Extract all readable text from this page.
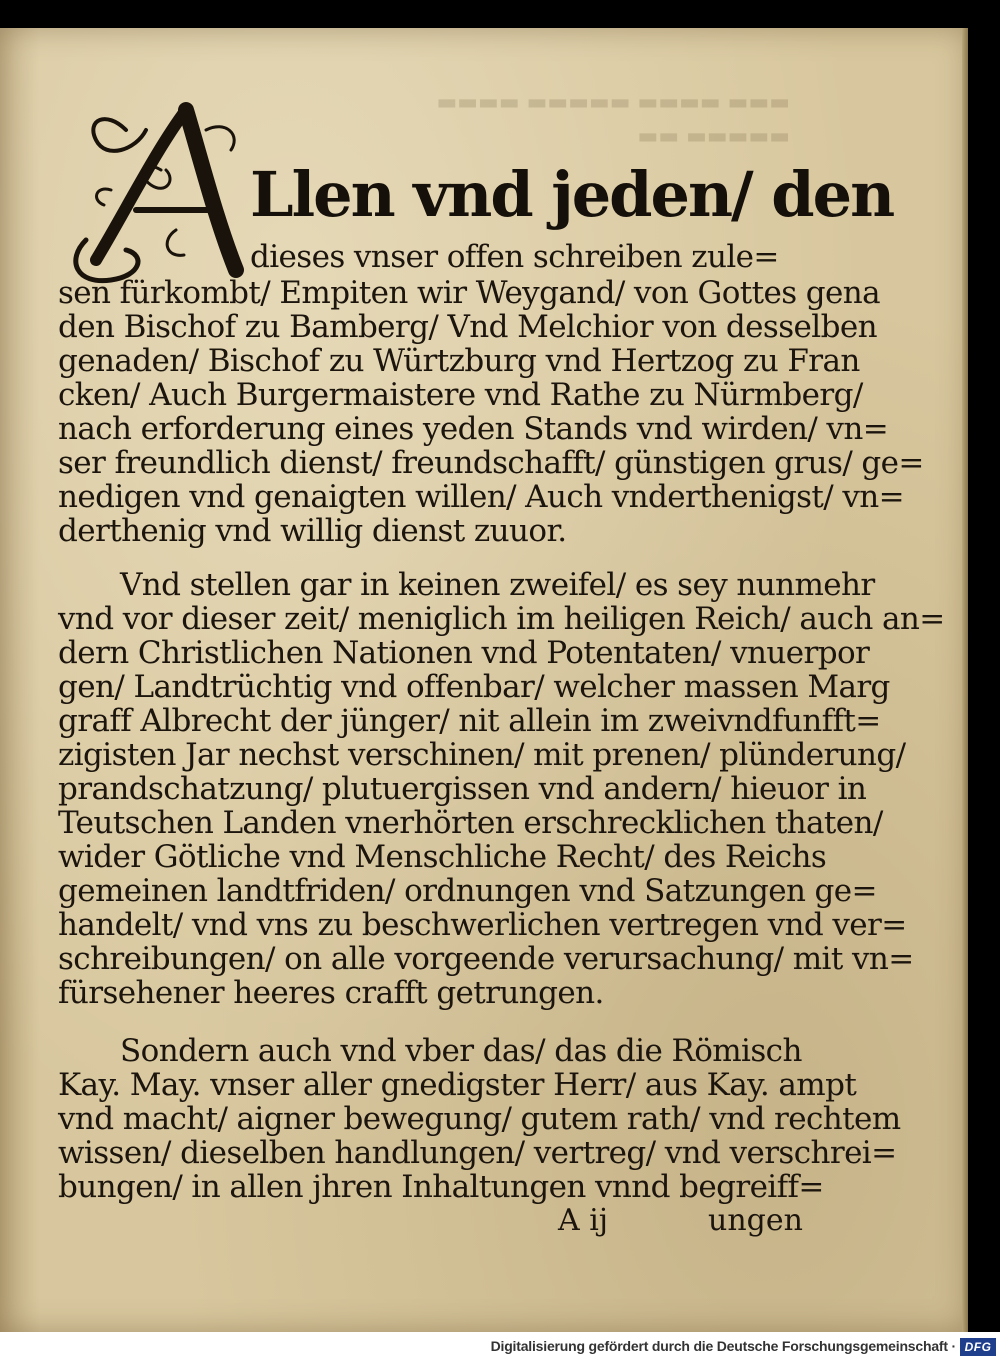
▬▬▬ ▬▬▬▬ ▬▬▬▬▬ ▬▬▬▬ ▬▬▬▬▬ ▬▬
Llen vnd jeden/ den
dieses vnser offen schreiben zule=
sen fürkombt/ Empiten wir Weygand/ von Gottes gena
den Bischof zu Bamberg/ Vnd Melchior von desselben
genaden/ Bischof zu Würtzburg vnd Hertzog zu Fran
cken/ Auch Burgermaistere vnd Rathe zu Nürmberg/
nach erforderung eines yeden Stands vnd wirden/ vn=
ser freundlich dienst/ freundschafft/ günstigen grus/ ge=
nedigen vnd genaigten willen/ Auch vnderthenigst/ vn=
derthenig vnd willig dienst zuuor.
Vnd stellen gar in keinen zweifel/ es sey nunmehr
vnd vor dieser zeit/ meniglich im heiligen Reich/ auch an=
dern Christlichen Nationen vnd Potentaten/ vnuerpor
gen/ Landtrüchtig vnd offenbar/ welcher massen Marg
graff Albrecht der jünger/ nit allein im zweivndfunfft=
zigisten Jar nechst verschinen/ mit prenen/ plünderung/
prandschatzung/ plutuergissen vnd andern/ hieuor in
Teutschen Landen vnerhörten erschrecklichen thaten/
wider Götliche vnd Menschliche Recht/ des Reichs
gemeinen landtfriden/ ordnungen vnd Satzungen ge=
handelt/ vnd vns zu beschwerlichen vertregen vnd ver=
schreibungen/ on alle vorgeende verursachung/ mit vn=
fürsehener heeres crafft getrungen.
Sondern auch vnd vber das/ das die Römisch
Kay. May. vnser aller gnedigster Herr/ aus Kay. ampt
vnd macht/ aigner bewegung/ gutem rath/ vnd rechtem
wissen/ dieselben handlungen/ vertreg/ vnd verschrei=
bungen/ in allen jhren Inhaltungen vnnd begreiff=
A ij	ungen
Digitalisierung gefördert durch die Deutsche Forschungsgemeinschaft · DFG
